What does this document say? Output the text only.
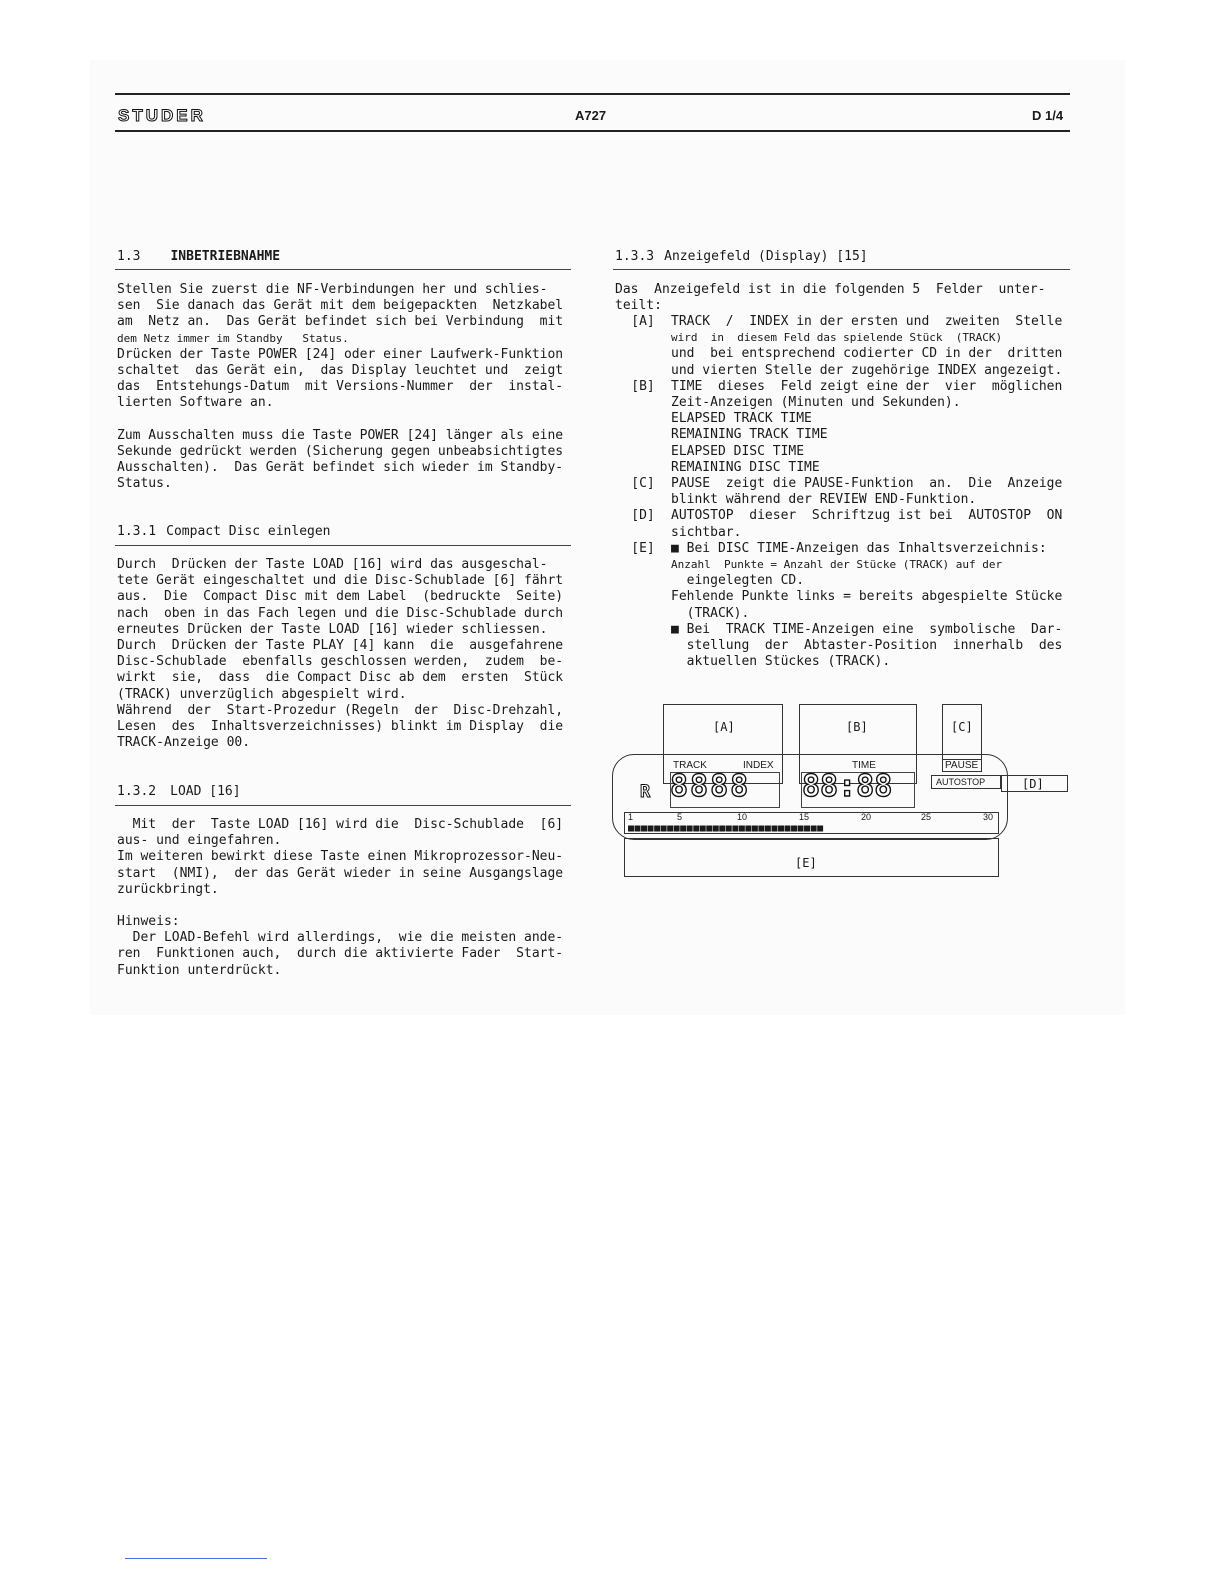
STUDER	A727	D 1/4
1.3 INBETRIEBNAHME
Stellen Sie zuerst die NF-Verbindungen her und schlies-
sen  Sie danach das Gerät mit dem beigepackten  Netzkabel
am  Netz an.  Das Gerät befindet sich bei Verbindung  mit
dem Netz immer im Standby   Status.
Drücken der Taste POWER [24] oder einer Laufwerk-Funktion
schaltet  das Gerät ein,  das Display leuchtet und  zeigt
das  Entstehungs-Datum  mit Versions-Nummer  der  instal-
lierten Software an.
Zum Ausschalten muss die Taste POWER [24] länger als eine
Sekunde gedrückt werden (Sicherung gegen unbeabsichtigtes
Ausschalten).  Das Gerät befindet sich wieder im Standby-
Status.
1.3.1 Compact Disc einlegen
Durch  Drücken der Taste LOAD [16] wird das ausgeschal-
tete Gerät eingeschaltet und die Disc-Schublade [6] fährt
aus.  Die  Compact Disc mit dem Label  (bedruckte  Seite)
nach  oben in das Fach legen und die Disc-Schublade durch
erneutes Drücken der Taste LOAD [16] wieder schliessen.
Durch  Drücken der Taste PLAY [4] kann  die  ausgefahrene
Disc-Schublade  ebenfalls geschlossen werden,  zudem  be-
wirkt  sie,  dass  die Compact Disc ab dem  ersten  Stück
(TRACK) unverzüglich abgespielt wird.
Während  der  Start-Prozedur (Regeln  der  Disc-Drehzahl,
Lesen  des  Inhaltsverzeichnisses) blinkt im Display  die
TRACK-Anzeige 00.
1.3.2 LOAD [16]
Mit  der  Taste LOAD [16] wird die  Disc-Schublade  [6]
aus- und eingefahren.
Im weiteren bewirkt diese Taste einen Mikroprozessor-Neu-
start  (NMI),  der das Gerät wieder in seine Ausgangslage
zurückbringt.
Hinweis:
Der LOAD-Befehl wird allerdings,  wie die meisten ande-
ren  Funktionen auch,  durch die aktivierte Fader  Start-
Funktion unterdrückt.
1.3.3 Anzeigefeld (Display) [15]
Das  Anzeigefeld ist in die folgenden 5  Felder  unter-
teilt:
[A]	TRACK  /  INDEX in der ersten und  zweiten  Stelle
wird  in  diesem Feld das spielende Stück  (TRACK)
und  bei entsprechend codierter CD in der  dritten
und vierten Stelle der zugehörige INDEX angezeigt.
[B]	TIME  dieses  Feld zeigt eine der  vier  möglichen
Zeit-Anzeigen (Minuten und Sekunden).
ELAPSED TRACK TIME
REMAINING TRACK TIME
ELAPSED DISC TIME
REMAINING DISC TIME
[C]	PAUSE  zeigt die PAUSE-Funktion  an.  Die  Anzeige
blinkt während der REVIEW END-Funktion.
[D]	AUTOSTOP  dieser  Schriftzug ist bei  AUTOSTOP  ON
sichtbar.
[E]	■ Bei DISC TIME-Anzeigen das Inhaltsverzeichnis:
Anzahl  Punkte = Anzahl der Stücke (TRACK) auf der
eingelegten CD.
Fehlende Punkte links = bereits abgespielte Stücke
(TRACK).
■ Bei  TRACK TIME-Anzeigen eine  symbolische  Dar-
stellung  der  Abtaster-Position  innerhalb  des
aktuellen Stückes (TRACK).
[A]	[B]	[C]
[D]
[E]
TRACK	INDEX	TIME	PAUSE
AUTOSTOP
R 8888 88:88
1	5	10	15	20	25	30
■■■■■■■■■■■■■■■■■■■■■■■■■■■■■■
